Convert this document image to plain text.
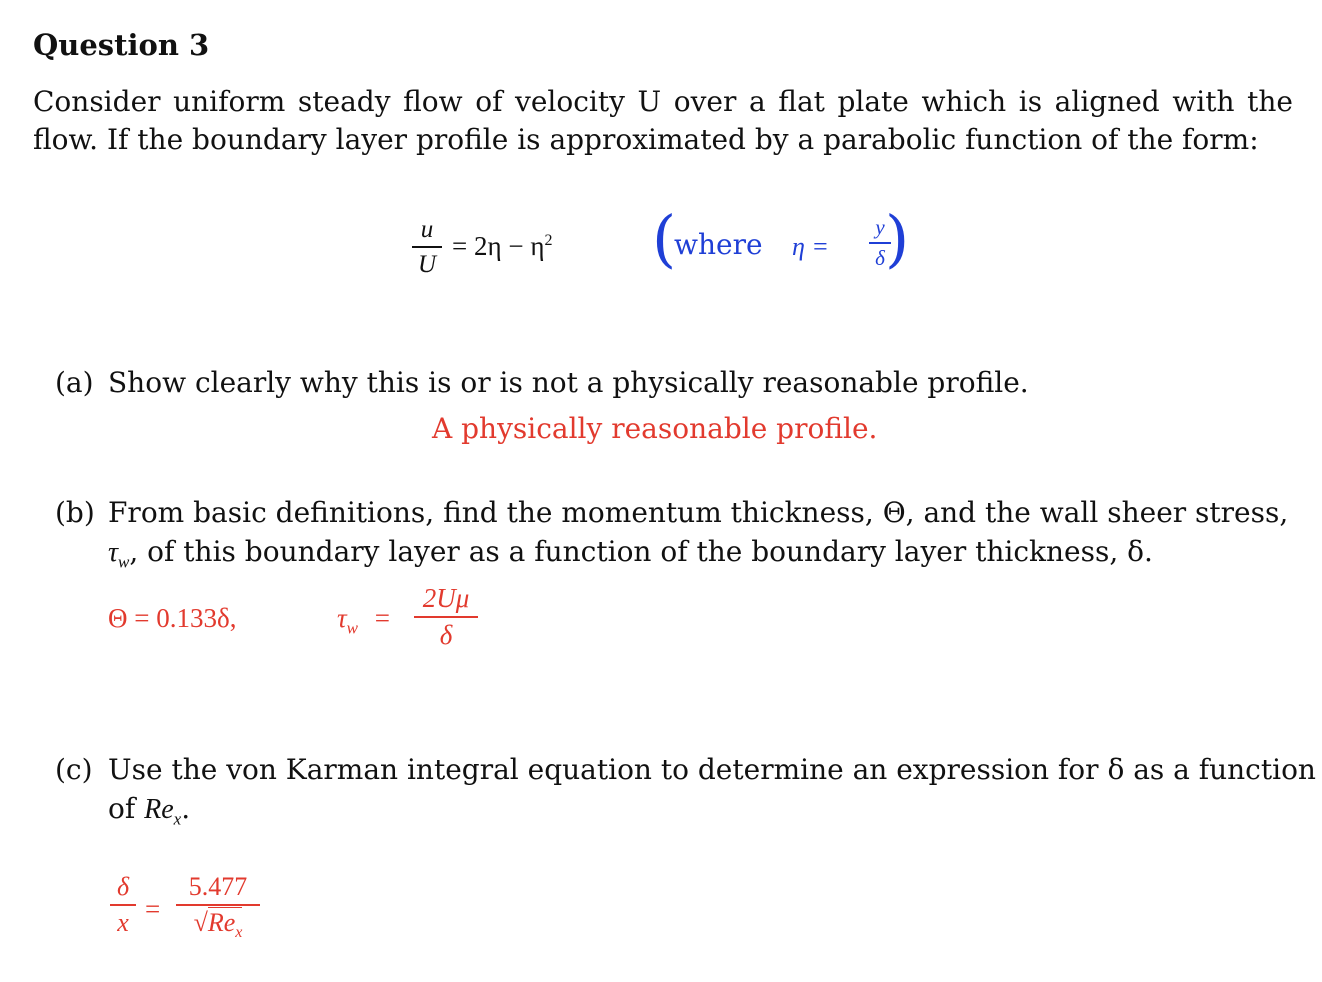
Question 3
Consider uniform steady flow of velocity U over a flat plate which is aligned with the flow. If the boundary layer profile is approximated by a parabolic function of the form:
u
U
= $2\eta - \eta^2$ (
where η =
y
δ )
(a) Show clearly why this is or is not a physically reasonable profile.
A physically reasonable profile.
(b) From basic definitions, find the momentum thickness, Θ, and the wall sheer stress,
$\tau_w$, of this boundary layer as a function of the boundary layer thickness, δ.
Θ = 0.133δ,	$\tau_w$ =
2Uμ
δ
(c) Use the von Karman integral equation to determine an expression for δ as a function
of $Re_x$.
δ
x =
5.477
$√Re_x$
